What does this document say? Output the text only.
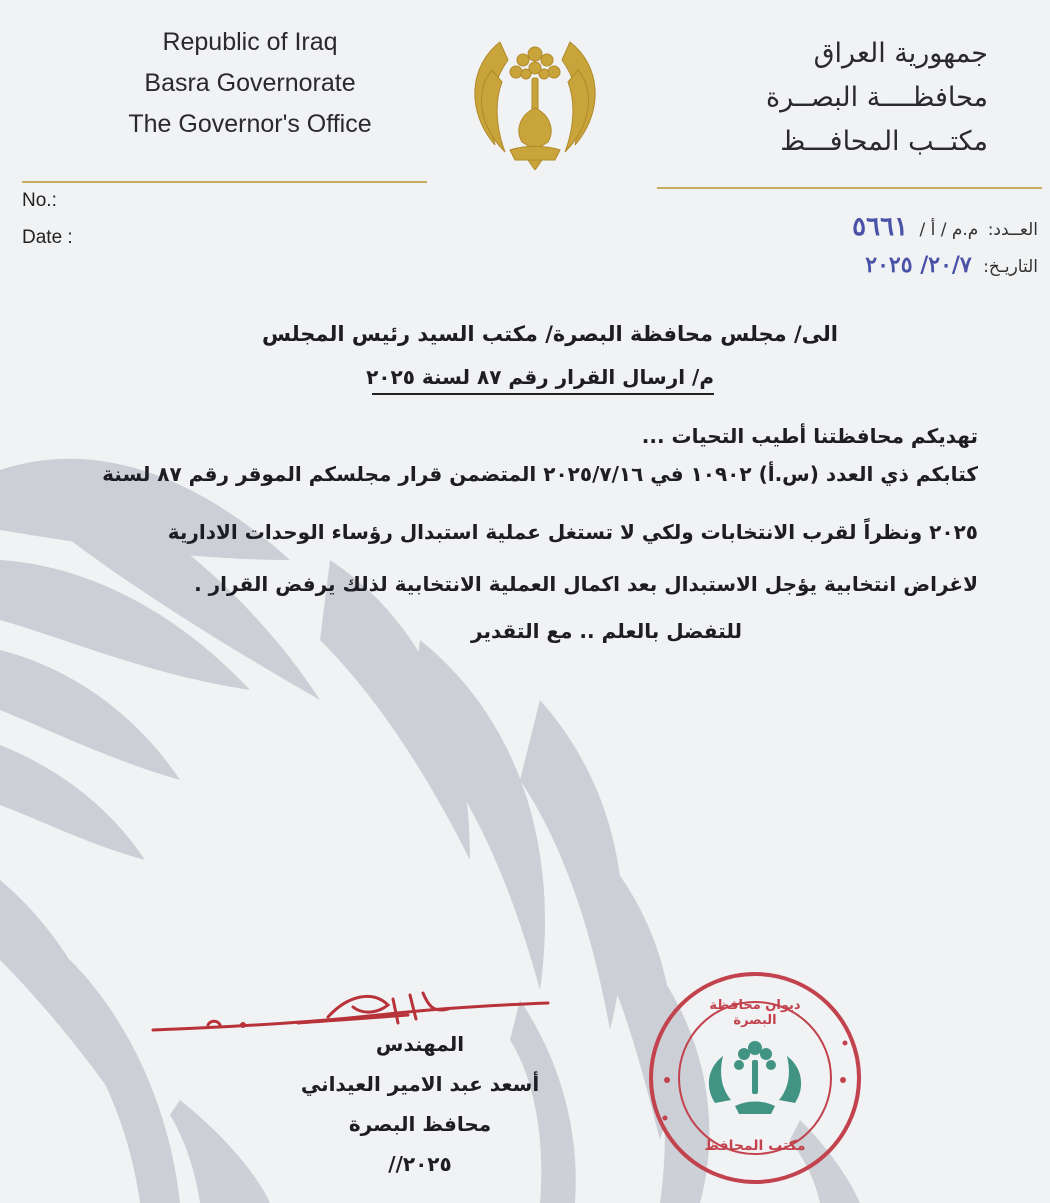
Republic of Iraq
Basra Governorate
The Governor's Office
جمهورية العراق
محافظــــة البصــرة
مكتــب المحافـــظ
No.:
Date :	العــدد: م.م / أ / ٥٦٦١
التاريـخ: ٢٠/٧/ ٢٠٢٥
الى/ مجلس محافظة البصرة/ مكتب السيد رئيس المجلس
م/ ارسال القرار رقم ٨٧ لسنة ٢٠٢٥
تهديكم محافظتنا أطيب التحيات ...
كتابكم ذي العدد (س.أ) ١٠٩٠٢ في ٢٠٢٥/٧/١٦ المتضمن قرار مجلسكم الموقر رقم ٨٧ لسنة
٢٠٢٥ ونظراً لقرب الانتخابات ولكي لا تستغل عملية استبدال رؤساء الوحدات الادارية
لاغراض انتخابية يؤجل الاستبدال بعد اكمال العملية الانتخابية لذلك يرفض القرار .
للتفضل بالعلم .. مع التقدير
المهندس
أسعد عبد الامير العيداني
محافظ البصرة
٢٠٢٥//
ديوان محافظة البصرة
مكتب المحافظ
